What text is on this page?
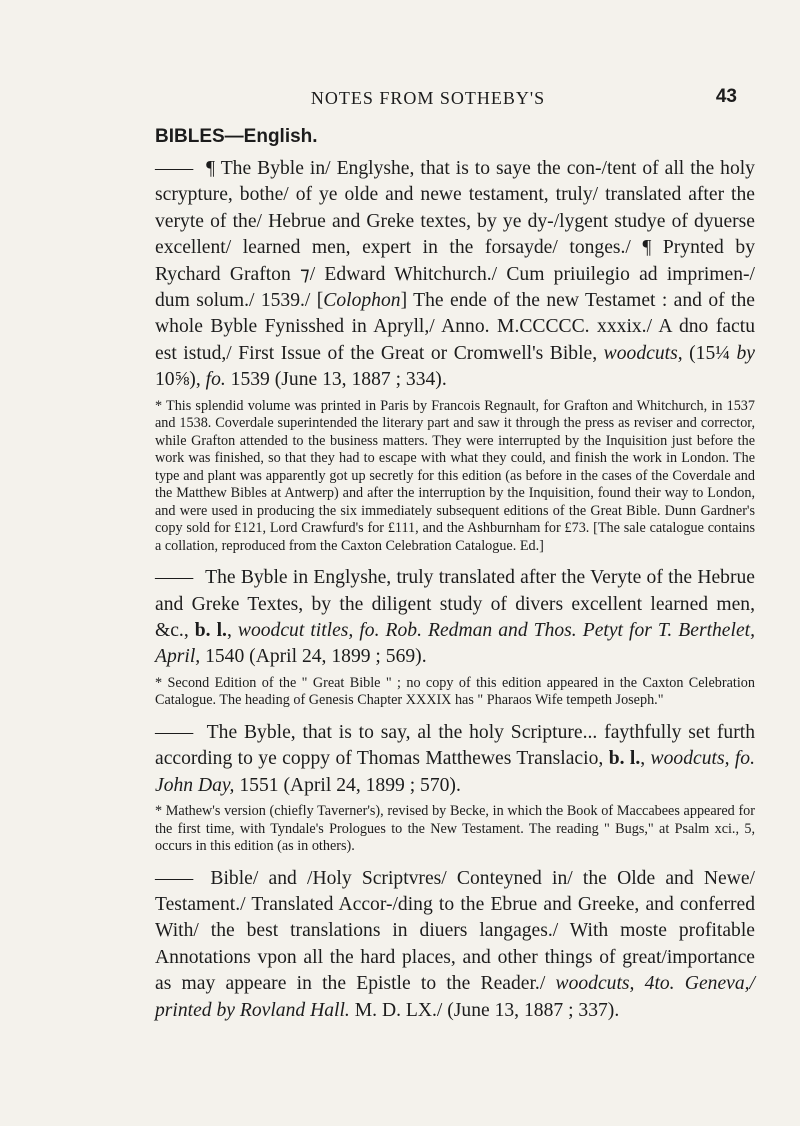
NOTES FROM SOTHEBY'S	43
BIBLES—English.

—— ¶ The Byble in/ Englyshe, that is to saye the con-/tent of all the holy scrypture, bothe/ of ye olde and newe testament, truly/ translated after the veryte of the/ Hebrue and Greke textes, by ye dy-/lygent studye of dyuerse excellent/ learned men, expert in the forsayde/ tonges./ ¶ Prynted by Rychard Grafton ⁊/ Edward Whitchurch./ Cum priuilegio ad imprimen-/ dum solum./ 1539./ [Colophon] The ende of the new Testamet : and of the whole Byble Fynisshed in Apryll,/ Anno. M.CCCCC. xxxix./ A dno factu est istud,/ First Issue of the Great or Cromwell's Bible, woodcuts, (15¼ by 10⅝), fo. 1539 (June 13, 1887 ; 334).

* This splendid volume was printed in Paris by Francois Regnault, for Grafton and Whitchurch, in 1537 and 1538. Coverdale superintended the literary part and saw it through the press as reviser and corrector, while Grafton attended to the business matters. They were interrupted by the Inquisition just before the work was finished, so that they had to escape with what they could, and finish the work in London. The type and plant was apparently got up secretly for this edition (as before in the cases of the Coverdale and the Matthew Bibles at Antwerp) and after the interruption by the Inquisition, found their way to London, and were used in producing the six immediately subsequent editions of the Great Bible. Dunn Gardner's copy sold for £121, Lord Crawfurd's for £111, and the Ashburnham for £73. [The sale catalogue contains a collation, reproduced from the Caxton Celebration Catalogue. Ed.]

—— The Byble in Englyshe, truly translated after the Veryte of the Hebrue and Greke Textes, by the diligent study of divers excellent learned men, &c., b. l., woodcut titles, fo. Rob. Redman and Thos. Petyt for T. Berthelet, April, 1540 (April 24, 1899 ; 569).

* Second Edition of the " Great Bible " ; no copy of this edition appeared in the Caxton Celebration Catalogue. The heading of Genesis Chapter XXXIX has " Pharaos Wife tempeth Joseph."

—— The Byble, that is to say, al the holy Scripture... faythfully set furth according to ye coppy of Thomas Matthewes Translacio, b. l., woodcuts, fo. John Day, 1551 (April 24, 1899 ; 570).

* Mathew's version (chiefly Taverner's), revised by Becke, in which the Book of Maccabees appeared for the first time, with Tyndale's Prologues to the New Testament. The reading " Bugs," at Psalm xci., 5, occurs in this edition (as in others).

—— Bible/ and /Holy Scriptvres/ Conteyned in/ the Olde and Newe/ Testament./ Translated Accor-/ding to the Ebrue and Greeke, and conferred With/ the best translations in diuers langages./ With moste profitable Annotations vpon all the hard places, and other things of great/importance as may appeare in the Epistle to the Reader./ woodcuts, 4to. Geneva,/ printed by Rovland Hall. M. D. LX./ (June 13, 1887 ; 337).
